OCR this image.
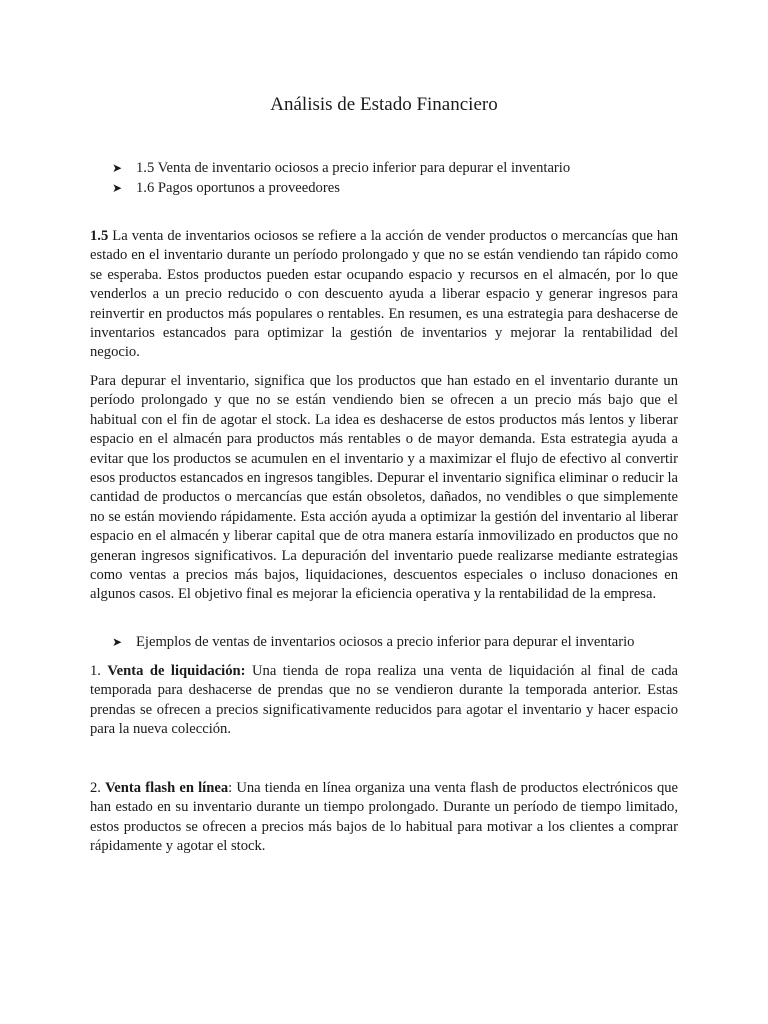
Análisis de Estado Financiero
➤ 1.5 Venta de inventario ociosos a precio inferior para depurar el inventario
➤ 1.6 Pagos oportunos a proveedores

1.5 La venta de inventarios ociosos se refiere a la acción de vender productos o mercancías que han estado en el inventario durante un período prolongado y que no se están vendiendo tan rápido como se esperaba. Estos productos pueden estar ocupando espacio y recursos en el almacén, por lo que venderlos a un precio reducido o con descuento ayuda a liberar espacio y generar ingresos para reinvertir en productos más populares o rentables. En resumen, es una estrategia para deshacerse de inventarios estancados para optimizar la gestión de inventarios y mejorar la rentabilidad del negocio.

Para depurar el inventario, significa que los productos que han estado en el inventario durante un período prolongado y que no se están vendiendo bien se ofrecen a un precio más bajo que el habitual con el fin de agotar el stock. La idea es deshacerse de estos productos más lentos y liberar espacio en el almacén para productos más rentables o de mayor demanda. Esta estrategia ayuda a evitar que los productos se acumulen en el inventario y a maximizar el flujo de efectivo al convertir esos productos estancados en ingresos tangibles. Depurar el inventario significa eliminar o reducir la cantidad de productos o mercancías que están obsoletos, dañados, no vendibles o que simplemente no se están moviendo rápidamente. Esta acción ayuda a optimizar la gestión del inventario al liberar espacio en el almacén y liberar capital que de otra manera estaría inmovilizado en productos que no generan ingresos significativos. La depuración del inventario puede realizarse mediante estrategias como ventas a precios más bajos, liquidaciones, descuentos especiales o incluso donaciones en algunos casos. El objetivo final es mejorar la eficiencia operativa y la rentabilidad de la empresa.

➤ Ejemplos de ventas de inventarios ociosos a precio inferior para depurar el inventario

1. Venta de liquidación: Una tienda de ropa realiza una venta de liquidación al final de cada temporada para deshacerse de prendas que no se vendieron durante la temporada anterior. Estas prendas se ofrecen a precios significativamente reducidos para agotar el inventario y hacer espacio para la nueva colección.

2. Venta flash en línea: Una tienda en línea organiza una venta flash de productos electrónicos que han estado en su inventario durante un tiempo prolongado. Durante un período de tiempo limitado, estos productos se ofrecen a precios más bajos de lo habitual para motivar a los clientes a comprar rápidamente y agotar el stock.
